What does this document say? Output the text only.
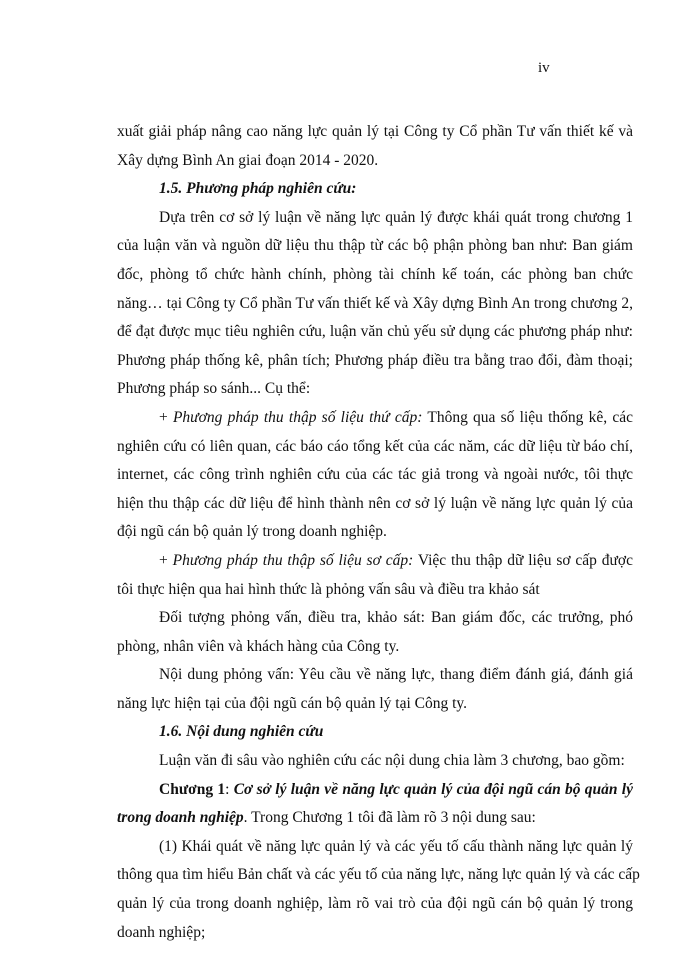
iv
xuất giải pháp nâng cao năng lực quản lý tại Công ty Cổ phần Tư vấn thiết kế và
Xây dựng Bình An giai đoạn 2014 - 2020.
1.5. Phương pháp nghiên cứu:
Dựa trên cơ sở lý luận về năng lực quản lý được khái quát trong chương 1
của luận văn và nguồn dữ liệu thu thập từ các bộ phận phòng ban như: Ban giám
đốc, phòng tổ chức hành chính, phòng tài chính kế toán, các phòng ban chức
năng… tại Công ty Cổ phần Tư vấn thiết kế và Xây dựng Bình An trong chương 2,
để đạt được mục tiêu nghiên cứu, luận văn chủ yếu sử dụng các phương pháp như:
Phương pháp thống kê, phân tích; Phương pháp điều tra bằng trao đổi, đàm thoại;
Phương pháp so sánh... Cụ thể:
+ Phương pháp thu thập số liệu thứ cấp: Thông qua số liệu thống kê, các
nghiên cứu có liên quan, các báo cáo tổng kết của các năm, các dữ liệu từ báo chí,
internet, các công trình nghiên cứu của các tác giả trong và ngoài nước, tôi thực
hiện thu thập các dữ liệu để hình thành nên cơ sở lý luận về năng lực quản lý của
đội ngũ cán bộ quản lý trong doanh nghiệp.
+ Phương pháp thu thập số liệu sơ cấp: Việc thu thập dữ liệu sơ cấp được
tôi thực hiện qua hai hình thức là phỏng vấn sâu và điều tra khảo sát
Đối tượng phỏng vấn, điều tra, khảo sát: Ban giám đốc, các trưởng, phó
phòng, nhân viên và khách hàng của Công ty.
Nội dung phỏng vấn: Yêu cầu về năng lực, thang điểm đánh giá, đánh giá
năng lực hiện tại của đội ngũ cán bộ quản lý tại Công ty.
1.6. Nội dung nghiên cứu
Luận văn đi sâu vào nghiên cứu các nội dung chia làm 3 chương, bao gồm:
Chương 1: Cơ sở lý luận về năng lực quản lý của đội ngũ cán bộ quản lý
trong doanh nghiệp. Trong Chương 1 tôi đã làm rõ 3 nội dung sau:
(1) Khái quát về năng lực quản lý và các yếu tố cấu thành năng lực quản lý
thông qua tìm hiểu Bản chất và các yếu tố của năng lực, năng lực quản lý và các cấp
quản lý của trong doanh nghiệp, làm rõ vai trò của đội ngũ cán bộ quản lý trong
doanh nghiệp;
